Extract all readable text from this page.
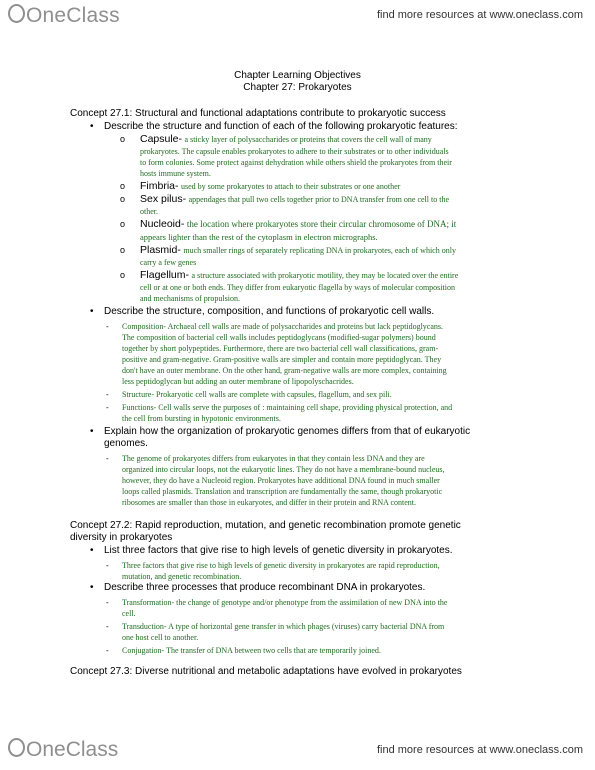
OneClass	find more resources at www.oneclass.com
Chapter Learning Objectives
Chapter 27: Prokaryotes
Concept 27.1: Structural and functional adaptations contribute to prokaryotic success
• Describe the structure and function of each of the following prokaryotic features:
o Capsule- a sticky layer of polysaccharides or proteins that covers the cell wall of many
prokaryotes. The capsule enables prokaryotes to adhere to their substrates or to other individuals
to form colonies. Some protect against dehydration while others shield the prokaryotes from their
hosts immune system.
o Fimbria- used by some prokaryotes to attach to their substrates or one another
o Sex pilus- appendages that pull two cells together prior to DNA transfer from one cell to the
other.
o Nucleoid- the location where prokaryotes store their circular chromosome of DNA; it
appears lighter than the rest of the cytoplasm in electron micrographs.
o Plasmid- much smaller rings of separately replicating DNA in prokaryotes, each of which only
carry a few genes
o Flagellum- a structure associated with prokaryotic motility, they may be located over the entire
cell or at one or both ends. They differ from eukaryotic flagella by ways of molecular composition
and mechanisms of propulsion.
• Describe the structure, composition, and functions of prokaryotic cell walls.
- Composition- Archaeal cell walls are made of polysaccharides and proteins but lack peptidoglycans.
The composition of bacterial cell walls includes peptidoglycans (modified-sugar polymers) bound
together by short polypeptides. Furthermore, there are two bacterial cell wall classifications, gram-
positive and gram-negative. Gram-positive walls are simpler and contain more peptidoglycan. They
don't have an outer membrane. On the other hand, gram-negative walls are more complex, containing
less peptidoglycan but adding an outer membrane of lipopolyschacrides.
- Structure- Prokaryotic cell walls are complete with capsules, flagellum, and sex pili.
- Functions- Cell walls serve the purposes of : maintaining cell shape, providing physical protection, and
the cell from bursting in hypotonic environments.
• Explain how the organization of prokaryotic genomes differs from that of eukaryotic
genomes.
- The genome of prokaryotes differs from eukaryotes in that they contain less DNA and they are
organized into circular loops, not the eukaryotic lines. They do not have a membrane-bound nucleus,
however, they do have a Nucleoid region. Prokaryotes have additional DNA found in much smaller
loops called plasmids. Translation and transcription are fundamentally the same, though prokaryotic
ribosomes are smaller than those in eukaryotes, and differ in their protein and RNA content.
Concept 27.2: Rapid reproduction, mutation, and genetic recombination promote genetic
diversity in prokaryotes
• List three factors that give rise to high levels of genetic diversity in prokaryotes.
- Three factors that give rise to high levels of genetic diversity in prokaryotes are rapid reproduction,
mutation, and genetic recombination.
• Describe three processes that produce recombinant DNA in prokaryotes.
- Transformation- the change of genotype and/or phenotype from the assimilation of new DNA into the
cell.
- Transduction- A type of horizontal gene transfer in which phages (viruses) carry bacterial DNA from
one host cell to another.
- Conjugation- The transfer of DNA between two cells that are temporarily joined.
Concept 27.3: Diverse nutritional and metabolic adaptations have evolved in prokaryotes
OneClass	find more resources at www.oneclass.com
